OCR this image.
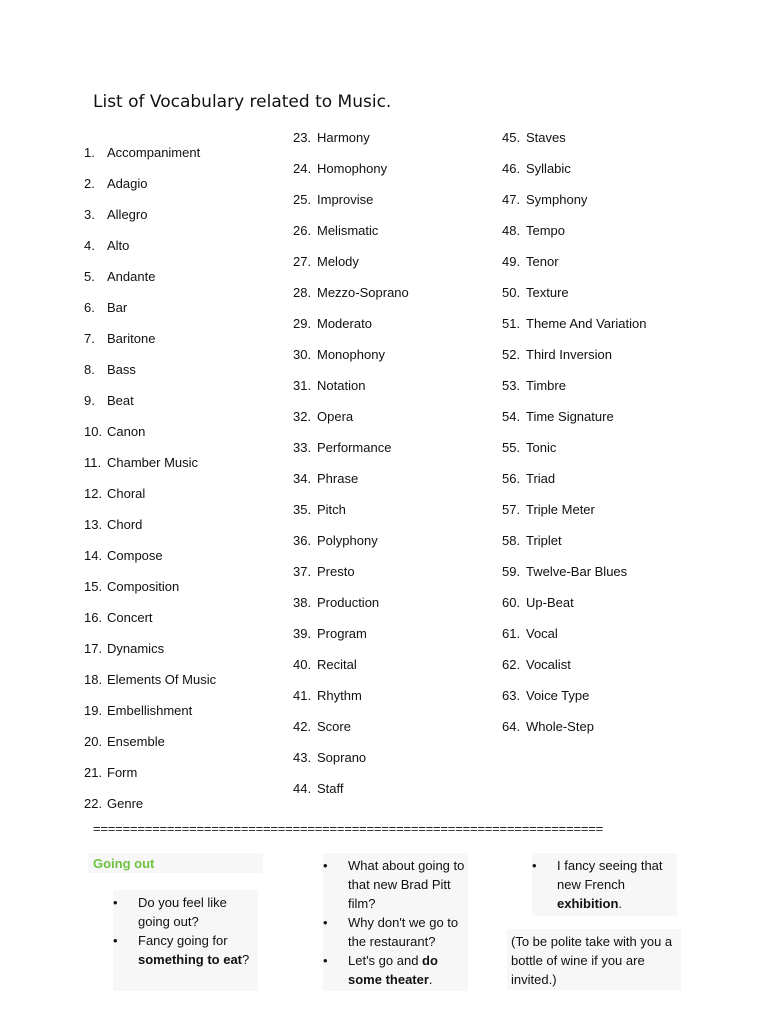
List of Vocabulary related to Music.
1. Accompaniment
2. Adagio
3. Allegro
4. Alto
5. Andante
6. Bar
7. Baritone
8. Bass
9. Beat
10. Canon
11. Chamber Music
12. Choral
13. Chord
14. Compose
15. Composition
16. Concert
17. Dynamics
18. Elements Of Music
19. Embellishment
20. Ensemble
21. Form
22. Genre
23. Harmony
24. Homophony
25. Improvise
26. Melismatic
27. Melody
28. Mezzo-Soprano
29. Moderato
30. Monophony
31. Notation
32. Opera
33. Performance
34. Phrase
35. Pitch
36. Polyphony
37. Presto
38. Production
39. Program
40. Recital
41. Rhythm
42. Score
43. Soprano
44. Staff
45. Staves
46. Syllabic
47. Symphony
48. Tempo
49. Tenor
50. Texture
51. Theme And Variation
52. Third Inversion
53. Timbre
54. Time Signature
55. Tonic
56. Triad
57. Triple Meter
58. Triplet
59. Twelve-Bar Blues
60. Up-Beat
61. Vocal
62. Vocalist
63. Voice Type
64. Whole-Step
=====================================================================
Going out
• Do you feel like going out?
• Fancy going for something to eat?
• What about going to that new Brad Pitt film?
• Why don't we go to the restaurant?
• Let's go and do some theater.
• I fancy seeing that new French exhibition.
(To be polite take with you a bottle of wine if you are invited.)
